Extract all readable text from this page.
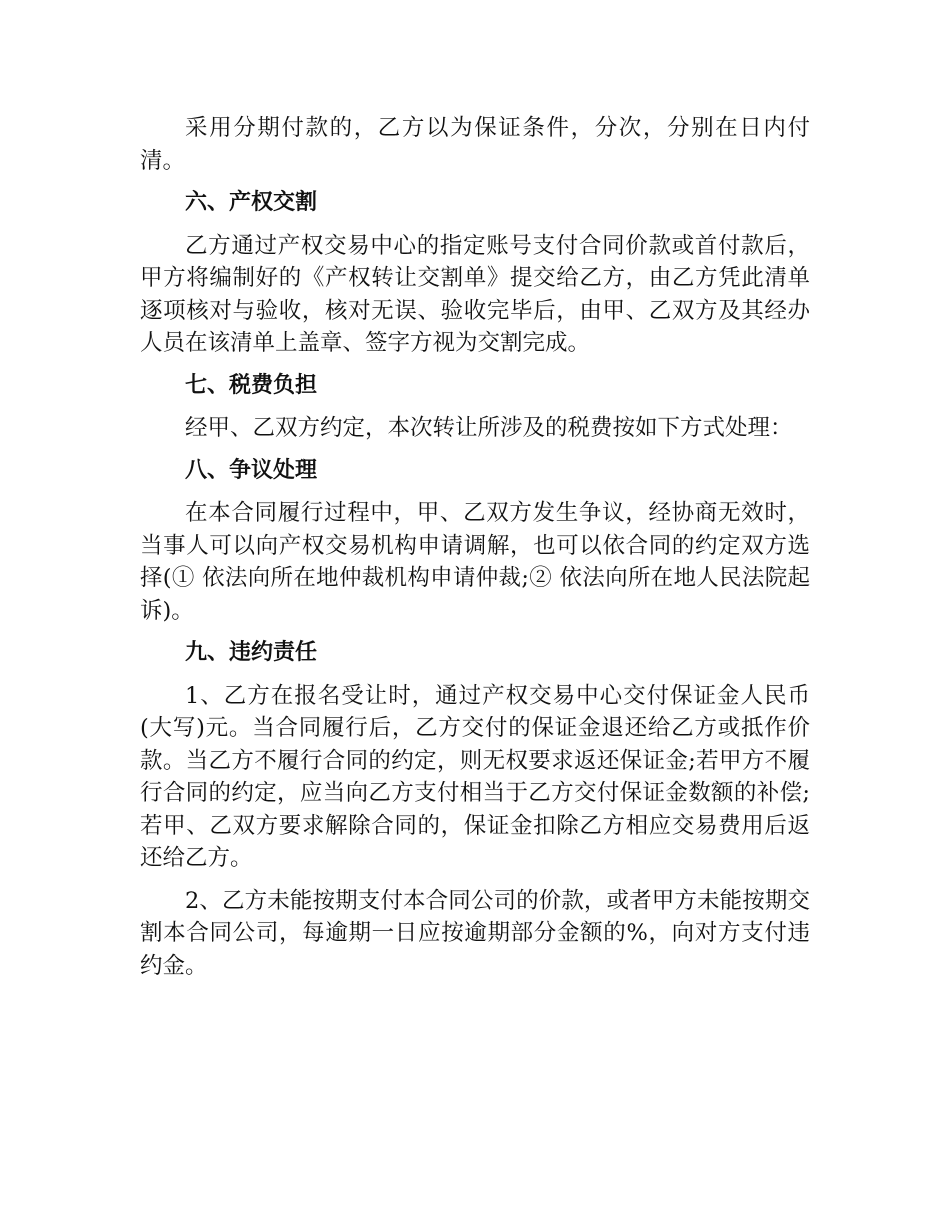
采用分期付款的，乙方以为保证条件，分次，分别在日内付清。

六、产权交割

乙方通过产权交易中心的指定账号支付合同价款或首付款后，甲方将编制好的《产权转让交割单》提交给乙方，由乙方凭此清单逐项核对与验收，核对无误、验收完毕后，由甲、乙双方及其经办人员在该清单上盖章、签字方视为交割完成。

七、税费负担

经甲、乙双方约定，本次转让所涉及的税费按如下方式处理：

八、争议处理

在本合同履行过程中，甲、乙双方发生争议，经协商无效时，当事人可以向产权交易机构申请调解，也可以依合同的约定双方选择(① 依法向所在地仲裁机构申请仲裁;② 依法向所在地人民法院起诉)。

九、违约责任

1、乙方在报名受让时，通过产权交易中心交付保证金人民币(大写)元。当合同履行后，乙方交付的保证金退还给乙方或抵作价款。当乙方不履行合同的约定，则无权要求返还保证金;若甲方不履行合同的约定，应当向乙方支付相当于乙方交付保证金数额的补偿;若甲、乙双方要求解除合同的，保证金扣除乙方相应交易费用后返还给乙方。

2、乙方未能按期支付本合同公司的价款，或者甲方未能按期交割本合同公司，每逾期一日应按逾期部分金额的%，向对方支付违约金。
